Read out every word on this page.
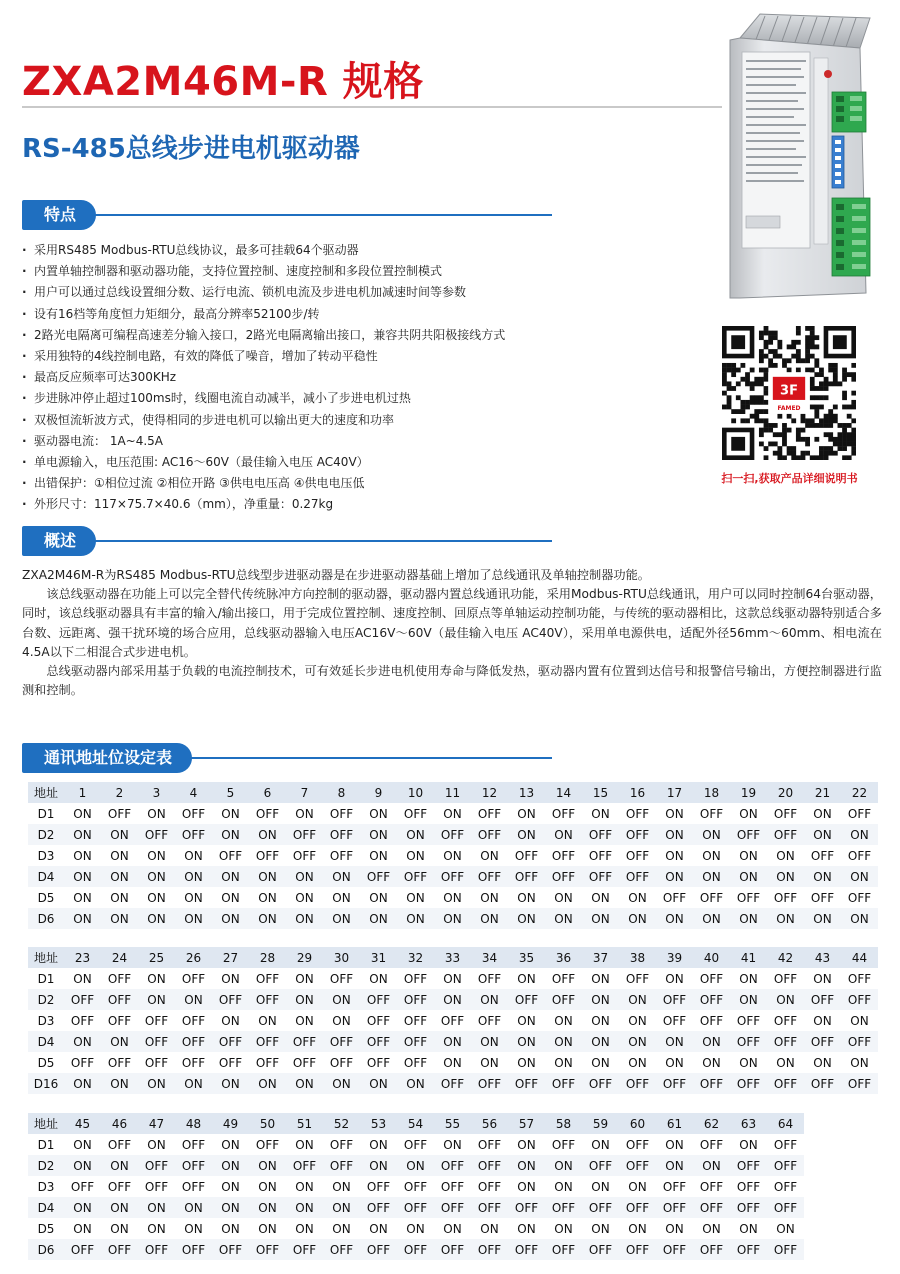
ZXA2M46M-R 规格
RS-485总线步进电机驱动器
特点
· 采用RS485 Modbus-RTU总线协议，最多可挂载64个驱动器
· 内置单轴控制器和驱动器功能，支持位置控制、速度控制和多段位置控制模式
· 用户可以通过总线设置细分数、运行电流、锁机电流及步进电机加减速时间等参数
· 设有16档等角度恒力矩细分，最高分辨率52100步/转
· 2路光电隔离可编程高速差分输入接口，2路光电隔离输出接口，兼容共阴共阳极接线方式
· 采用独特的4线控制电路，有效的降低了噪音，增加了转动平稳性
· 最高反应频率可达300KHz
· 步进脉冲停止超过100ms时，线圈电流自动减半，减小了步进电机过热
· 双极恒流斩波方式，使得相同的步进电机可以输出更大的速度和功率
· 驱动器电流： 1A~4.5A
· 单电源输入，电压范围: AC16～60V（最佳输入电压 AC40V）
· 出错保护：①相位过流 ②相位开路 ③供电电压高 ④供电电压低
· 外形尺寸：117×75.7×40.6（mm），净重量：0.27kg
3F
FAMED
扫一扫,获取产品详细说明书
概述

ZXA2M46M-R为RS485 Modbus-RTU总线型步进驱动器是在步进驱动器基础上增加了总线通讯及单轴控制器功能。

该总线驱动器在功能上可以完全替代传统脉冲方向控制的驱动器，驱动器内置总线通讯功能，采用Modbus-RTU总线通讯，用户可以同时控制64台驱动器，同时，该总线驱动器具有丰富的输入/输出接口，用于完成位置控制、速度控制、回原点等单轴运动控制功能，与传统的驱动器相比，这款总线驱动器特别适合多台数、远距离、强干扰环境的场合应用，总线驱动器输入电压AC16V～60V（最佳输入电压 AC40V），采用单电源供电，适配外径56mm～60mm、相电流在4.5A以下二相混合式步进电机。

总线驱动器内部采用基于负载的电流控制技术，可有效延长步进电机使用寿命与降低发热，驱动器内置有位置到达信号和报警信号输出，方便控制器进行监测和控制。

通讯地址位设定表
地址	1	2	3	4	5	6	7	8	9	10	11	12	13	14	15	16	17	18	19	20	21	22
D1	ON	OFF	ON	OFF	ON	OFF	ON	OFF	ON	OFF	ON	OFF	ON	OFF	ON	OFF	ON	OFF	ON	OFF	ON	OFF
D2	ON	ON	OFF	OFF	ON	ON	OFF	OFF	ON	ON	OFF	OFF	ON	ON	OFF	OFF	ON	ON	OFF	OFF	ON	ON
D3	ON	ON	ON	ON	OFF	OFF	OFF	OFF	ON	ON	ON	ON	OFF	OFF	OFF	OFF	ON	ON	ON	ON	OFF	OFF
D4	ON	ON	ON	ON	ON	ON	ON	ON	OFF	OFF	OFF	OFF	OFF	OFF	OFF	OFF	ON	ON	ON	ON	ON	ON
D5	ON	ON	ON	ON	ON	ON	ON	ON	ON	ON	ON	ON	ON	ON	ON	ON	OFF	OFF	OFF	OFF	OFF	OFF
D6	ON	ON	ON	ON	ON	ON	ON	ON	ON	ON	ON	ON	ON	ON	ON	ON	ON	ON	ON	ON	ON	ON
地址	23	24	25	26	27	28	29	30	31	32	33	34	35	36	37	38	39	40	41	42	43	44
D1	ON	OFF	ON	OFF	ON	OFF	ON	OFF	ON	OFF	ON	OFF	ON	OFF	ON	OFF	ON	OFF	ON	OFF	ON	OFF
D2	OFF	OFF	ON	ON	OFF	OFF	ON	ON	OFF	OFF	ON	ON	OFF	OFF	ON	ON	OFF	OFF	ON	ON	OFF	OFF
D3	OFF	OFF	OFF	OFF	ON	ON	ON	ON	OFF	OFF	OFF	OFF	ON	ON	ON	ON	OFF	OFF	OFF	OFF	ON	ON
D4	ON	ON	OFF	OFF	OFF	OFF	OFF	OFF	OFF	OFF	ON	ON	ON	ON	ON	ON	ON	ON	OFF	OFF	OFF	OFF
D5	OFF	OFF	OFF	OFF	OFF	OFF	OFF	OFF	OFF	OFF	ON	ON	ON	ON	ON	ON	ON	ON	ON	ON	ON	ON
D16	ON	ON	ON	ON	ON	ON	ON	ON	ON	ON	OFF	OFF	OFF	OFF	OFF	OFF	OFF	OFF	OFF	OFF	OFF	OFF
地址	45	46	47	48	49	50	51	52	53	54	55	56	57	58	59	60	61	62	63	64		
D1	ON	OFF	ON	OFF	ON	OFF	ON	OFF	ON	OFF	ON	OFF	ON	OFF	ON	OFF	ON	OFF	ON	OFF		
D2	ON	ON	OFF	OFF	ON	ON	OFF	OFF	ON	ON	OFF	OFF	ON	ON	OFF	OFF	ON	ON	OFF	OFF		
D3	OFF	OFF	OFF	OFF	ON	ON	ON	ON	OFF	OFF	OFF	OFF	ON	ON	ON	ON	OFF	OFF	OFF	OFF		
D4	ON	ON	ON	ON	ON	ON	ON	ON	OFF	OFF	OFF	OFF	OFF	OFF	OFF	OFF	OFF	OFF	OFF	OFF		
D5	ON	ON	ON	ON	ON	ON	ON	ON	ON	ON	ON	ON	ON	ON	ON	ON	ON	ON	ON	ON		
D6	OFF	OFF	OFF	OFF	OFF	OFF	OFF	OFF	OFF	OFF	OFF	OFF	OFF	OFF	OFF	OFF	OFF	OFF	OFF	OFF		
